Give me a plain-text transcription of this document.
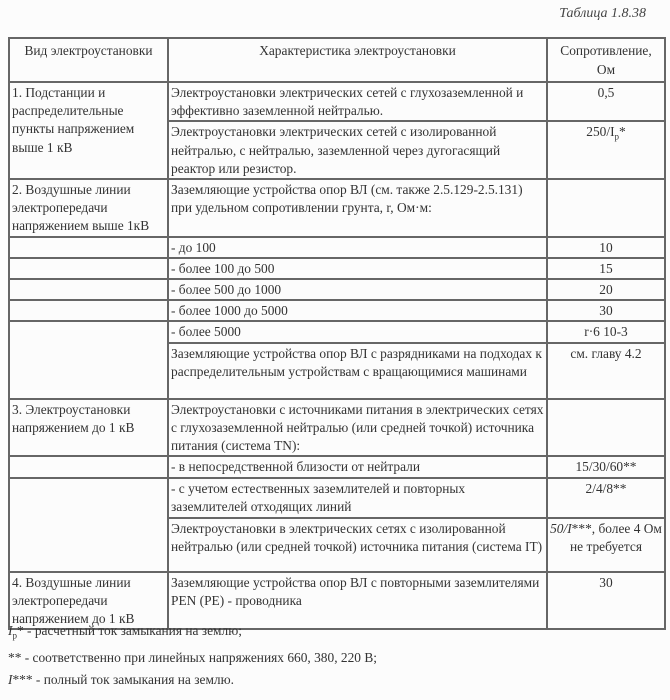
Таблица 1.8.38
Вид электроустановки	Характеристика электроустановки	Сопротивление, Ом
1. Подстанции и распределительные пункты напряжением выше 1 кВ	Электроустановки электрических сетей с глухозаземленной и эффективно заземленной нейтралью.	0,5
	Электроустановки электрических сетей с изолированной нейтралью, с нейтралью, заземленной через дугогасящий реактор или резистор.	$250/I_р*$
2. Воздушные линии электропередачи напряжением выше 1кВ	Заземляющие устройства опор ВЛ (см. также 2.5.129-2.5.131) при удельном сопротивлении грунта, r, Ом·м:	
	- до 100	10
	- более 100 до 500	15
	- более 500 до 1000	20
	- более 1000 до 5000	30
	- более 5000	r·6 10-3
	Заземляющие устройства опор ВЛ с разрядниками на подходах к распределительным устройствам с вращающимися машинами	см. главу 4.2
3. Электроустановки напряжением до 1 кВ	Электроустановки с источниками питания в электрических сетях с глухозаземленной нейтралью (или средней точкой) источника питания (система TN):	
	- в непосредственной близости от нейтрали	15/30/60**
	- с учетом естественных заземлителей и повторных заземлителей отходящих линий	2/4/8**
	Электроустановки в электрических сетях с изолированной нейтралью (или средней точкой) источника питания (система IT)	50/I***, более 4 Ом не требуется
4. Воздушные линии электропередачи напряжением до 1 кВ	Заземляющие устройства опор ВЛ с повторными заземлителями PEN (PE) - проводника	30
$I_р*$ - расчетный ток замыкания на землю;
** - соответственно при линейных напряжениях 660, 380, 220 В;
I*** - полный ток замыкания на землю.
